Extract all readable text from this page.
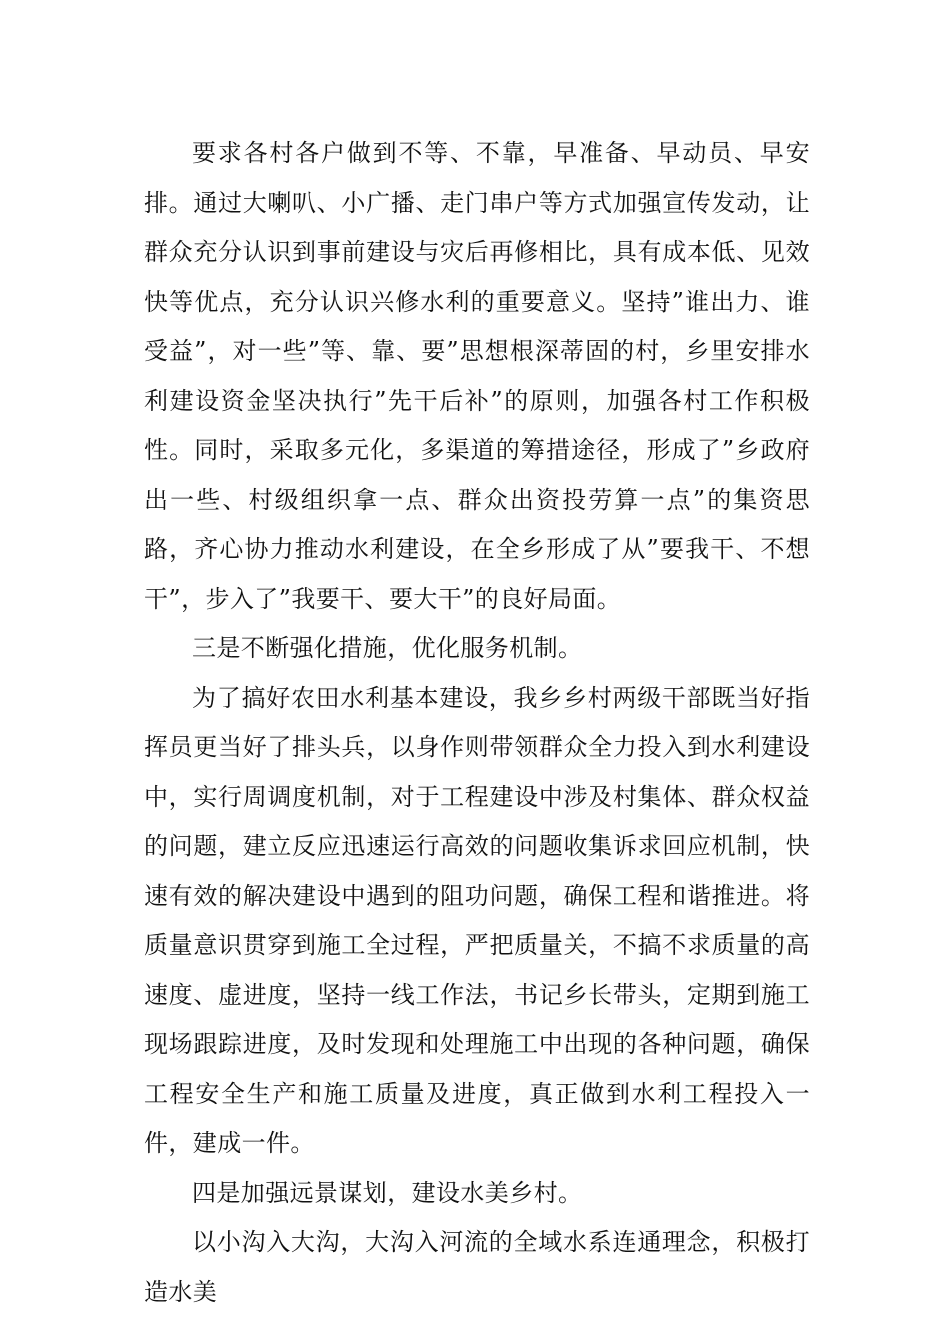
要求各村各户做到不等、不靠，早准备、早动员、早安排。通过大喇叭、小广播、走门串户等方式加强宣传发动，让群众充分认识到事前建设与灾后再修相比，具有成本低、见效快等优点，充分认识兴修水利的重要意义。坚持”谁出力、谁受益”，对一些”等、靠、要”思想根深蒂固的村，乡里安排水利建设资金坚决执行”先干后补”的原则，加强各村工作积极性。同时，采取多元化，多渠道的筹措途径，形成了”乡政府出一些、村级组织拿一点、群众出资投劳算一点”的集资思路，齐心协力推动水利建设，在全乡形成了从”要我干、不想干”，步入了”我要干、要大干”的良好局面。

三是不断强化措施，优化服务机制。

为了搞好农田水利基本建设，我乡乡村两级干部既当好指挥员更当好了排头兵，以身作则带领群众全力投入到水利建设中，实行周调度机制，对于工程建设中涉及村集体、群众权益的问题，建立反应迅速运行高效的问题收集诉求回应机制，快速有效的解决建设中遇到的阻功问题，确保工程和谐推进。将质量意识贯穿到施工全过程，严把质量关，不搞不求质量的高速度、虚进度，坚持一线工作法，书记乡长带头，定期到施工现场跟踪进度，及时发现和处理施工中出现的各种问题，确保工程安全生产和施工质量及进度，真正做到水利工程投入一件，建成一件。

四是加强远景谋划，建设水美乡村。

以小沟入大沟，大沟入河流的全域水系连通理念，积极打造水美
